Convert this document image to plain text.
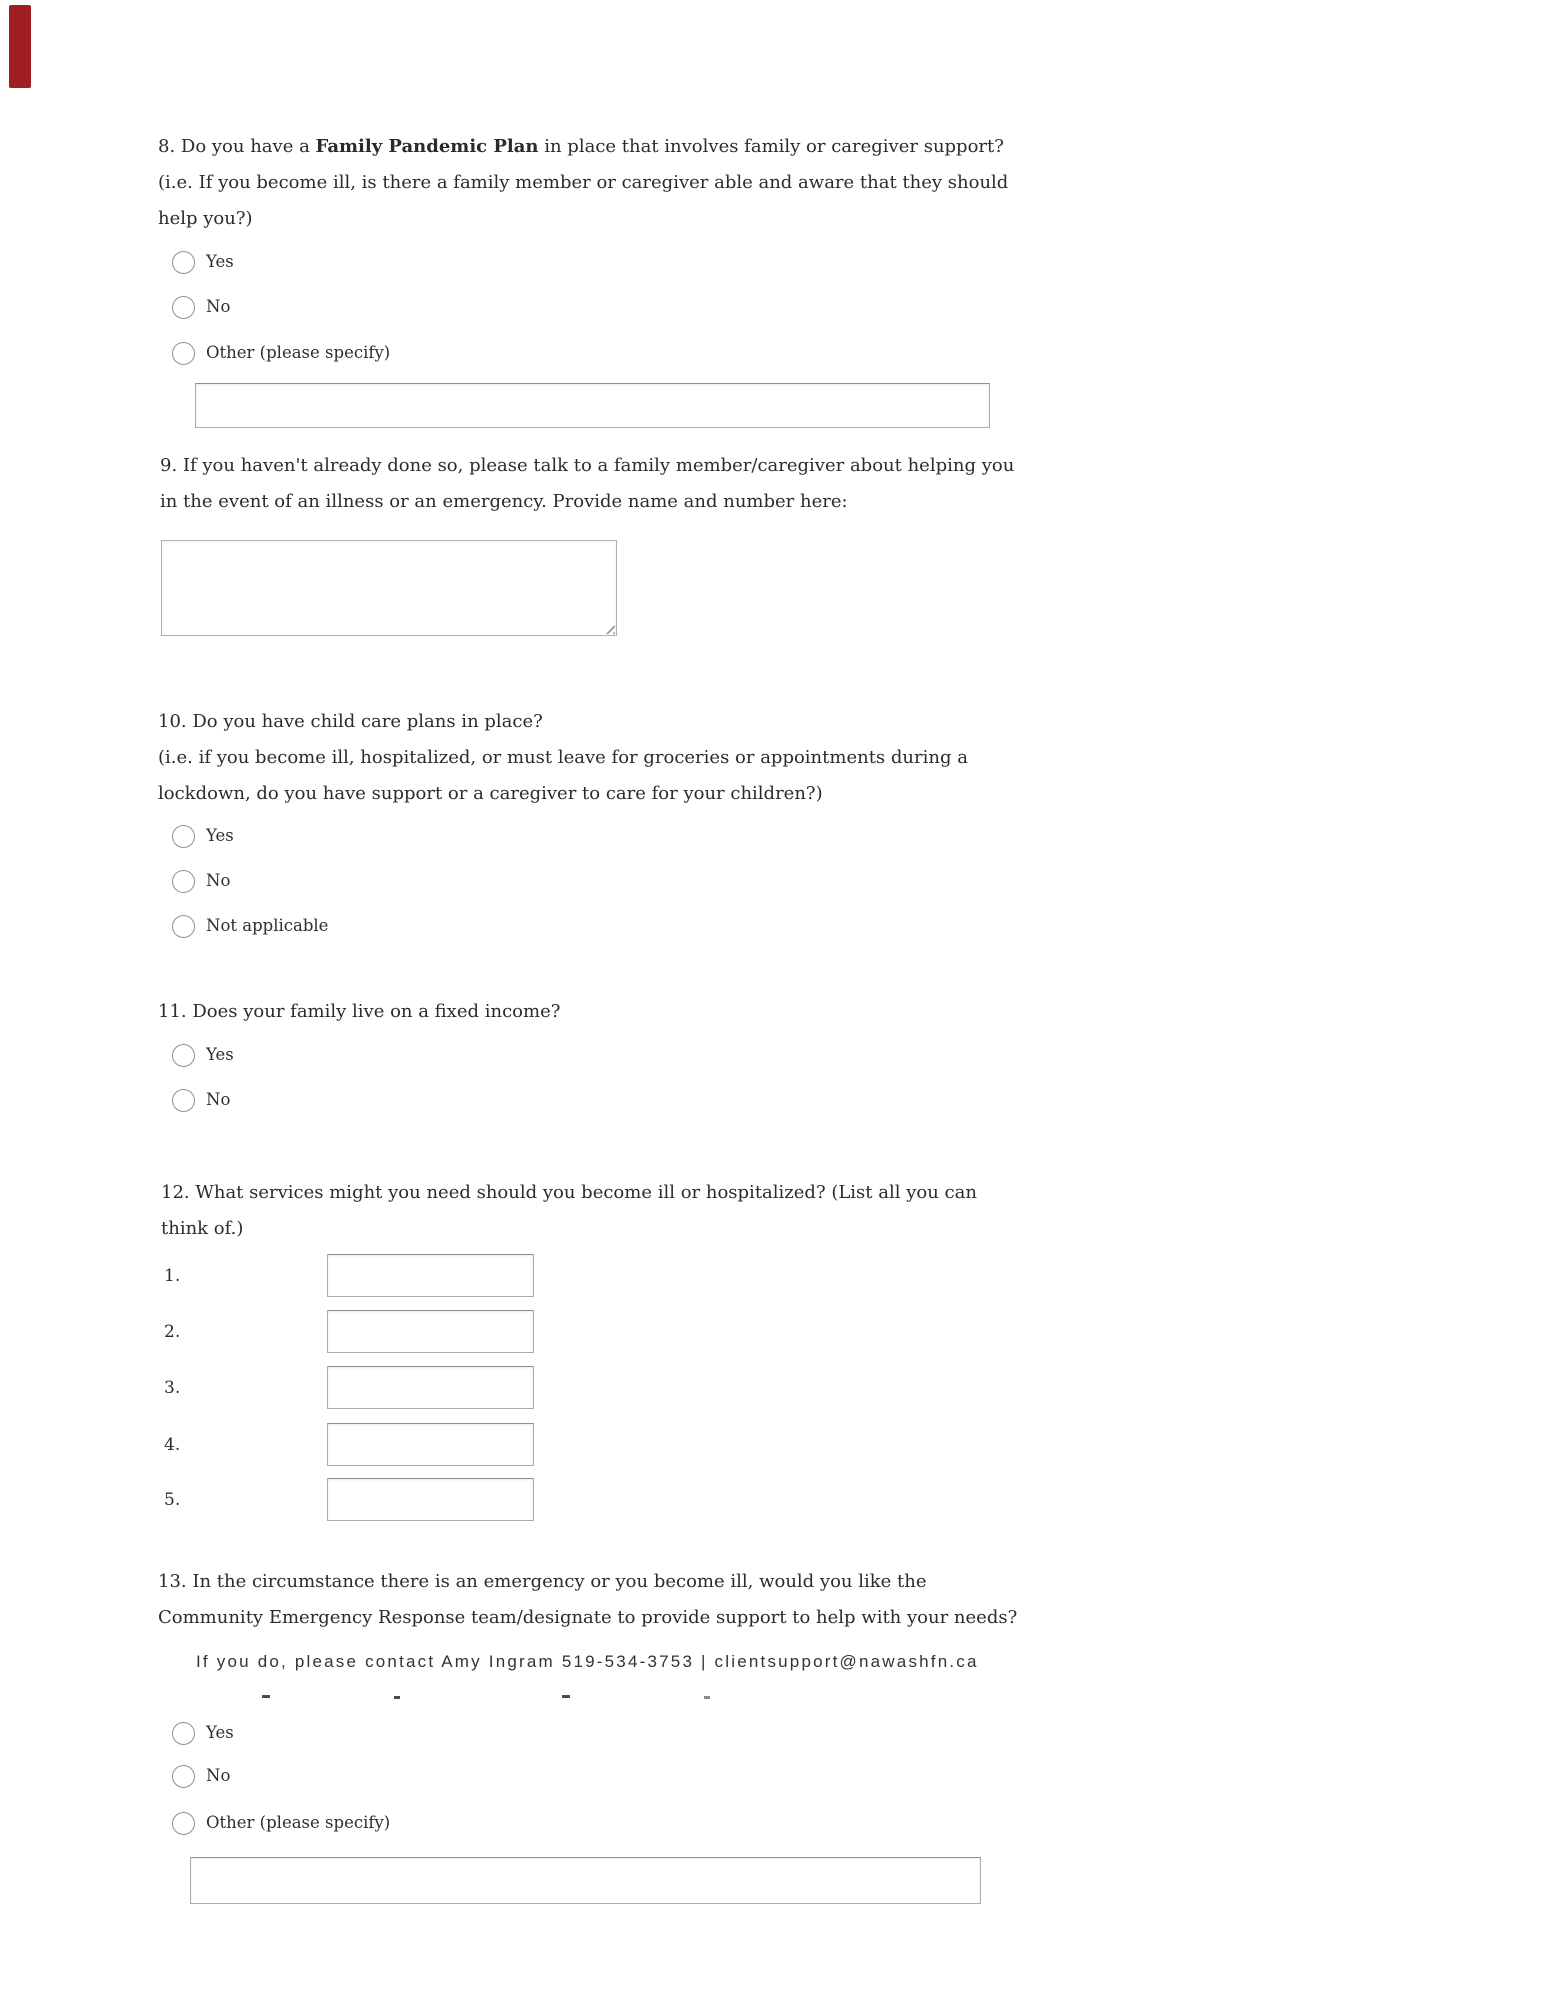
8. Do you have a Family Pandemic Plan in place that involves family or caregiver support?
(i.e. If you become ill, is there a family member or caregiver able and aware that they should
help you?)
Yes
No
Other (please specify)
9. If you haven't already done so, please talk to a family member/caregiver about helping you
in the event of an illness or an emergency. Provide name and number here:
10. Do you have child care plans in place?
(i.e. if you become ill, hospitalized, or must leave for groceries or appointments during a
lockdown, do you have support or a caregiver to care for your children?)
Yes
No
Not applicable
11. Does your family live on a fixed income?
Yes
No
12. What services might you need should you become ill or hospitalized? (List all you can
think of.)
1.
2.
3.
4.
5.
13. In the circumstance there is an emergency or you become ill, would you like the
Community Emergency Response team/designate to provide support to help with your needs?
If you do, please contact Amy Ingram 519-534-3753 | clientsupport@nawashfn.ca
Yes
No
Other (please specify)
